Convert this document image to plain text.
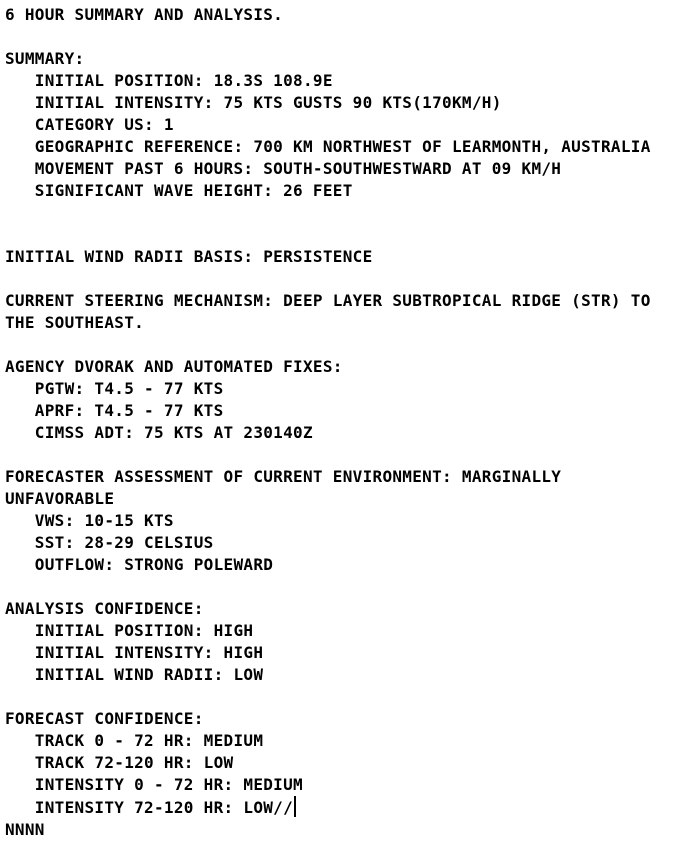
6 HOUR SUMMARY AND ANALYSIS.
SUMMARY:
INITIAL POSITION: 18.3S 108.9E
INITIAL INTENSITY: 75 KTS GUSTS 90 KTS(170KM/H)
CATEGORY US: 1
GEOGRAPHIC REFERENCE: 700 KM NORTHWEST OF LEARMONTH, AUSTRALIA
MOVEMENT PAST 6 HOURS: SOUTH-SOUTHWESTWARD AT 09 KM/H
SIGNIFICANT WAVE HEIGHT: 26 FEET
INITIAL WIND RADII BASIS: PERSISTENCE
CURRENT STEERING MECHANISM: DEEP LAYER SUBTROPICAL RIDGE (STR) TO
THE SOUTHEAST.
AGENCY DVORAK AND AUTOMATED FIXES:
PGTW: T4.5 - 77 KTS
APRF: T4.5 - 77 KTS
CIMSS ADT: 75 KTS AT 230140Z
FORECASTER ASSESSMENT OF CURRENT ENVIRONMENT: MARGINALLY
UNFAVORABLE
VWS: 10-15 KTS
SST: 28-29 CELSIUS
OUTFLOW: STRONG POLEWARD
ANALYSIS CONFIDENCE:
INITIAL POSITION: HIGH
INITIAL INTENSITY: HIGH
INITIAL WIND RADII: LOW
FORECAST CONFIDENCE:
TRACK 0 - 72 HR: MEDIUM
TRACK 72-120 HR: LOW
INTENSITY 0 - 72 HR: MEDIUM
INTENSITY 72-120 HR: LOW//
NNNN
